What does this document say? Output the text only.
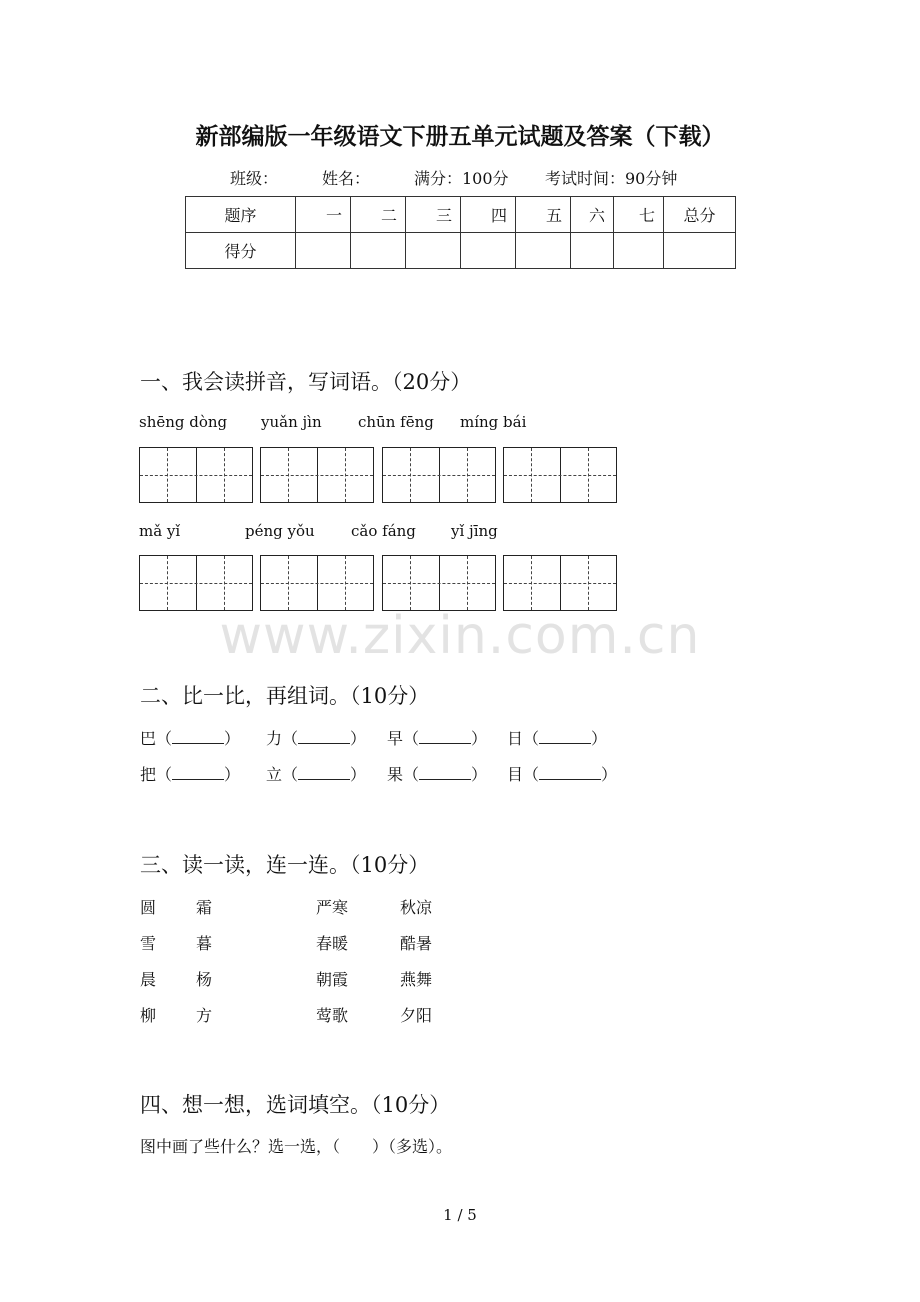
新部编版一年级语文下册五单元试题及答案（下载）
班级：	姓名：	满分：100分 考试时间：90分钟
题序	一	二	三	四	五	六	七	总分
得分								
一、我会读拼音，写词语。（20分）
shēng dòng yuǎn jìn chūn fēng míng bái
mǎ yǐ	péng yǒu cǎo fáng yǐ jīng
www.zixin.com.cn
二、比一比，再组词。（10分）
巴（	） 力（	） 早（	） 日（	）
把（	） 立（	） 果（	） 目（	）
三、读一读，连一连。（10分）
圆 霜	严寒	秋凉
雪 暮	春暖	酷暑
晨 杨	朝霞	燕舞
柳 方	莺歌	夕阳
四、想一想，选词填空。（10分）
图中画了些什么？选一选，（　　）（多选）。
1 / 5
